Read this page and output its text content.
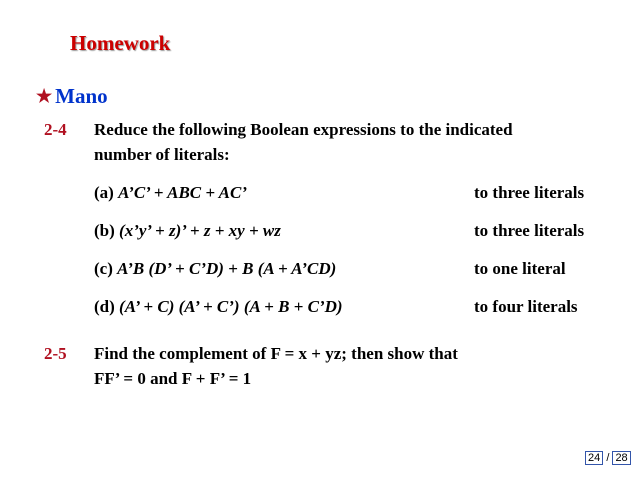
Homework
★ Mano
2-4 Reduce the following Boolean expressions to the indicated
number of literals:
(a) A’C’ + ABC + AC’	to three literals
(b) (x’y’ + z)’ + z + xy + wz	to three literals
(c) A’B (D’ + C’D) + B (A + A’CD)	to one literal
(d) (A’ + C) (A’ + C’) (A + B + C’D)	to four literals
2-5 Find the complement of F = x + yz; then show that
FF’ = 0 and F + F’ = 1
24 / 28
